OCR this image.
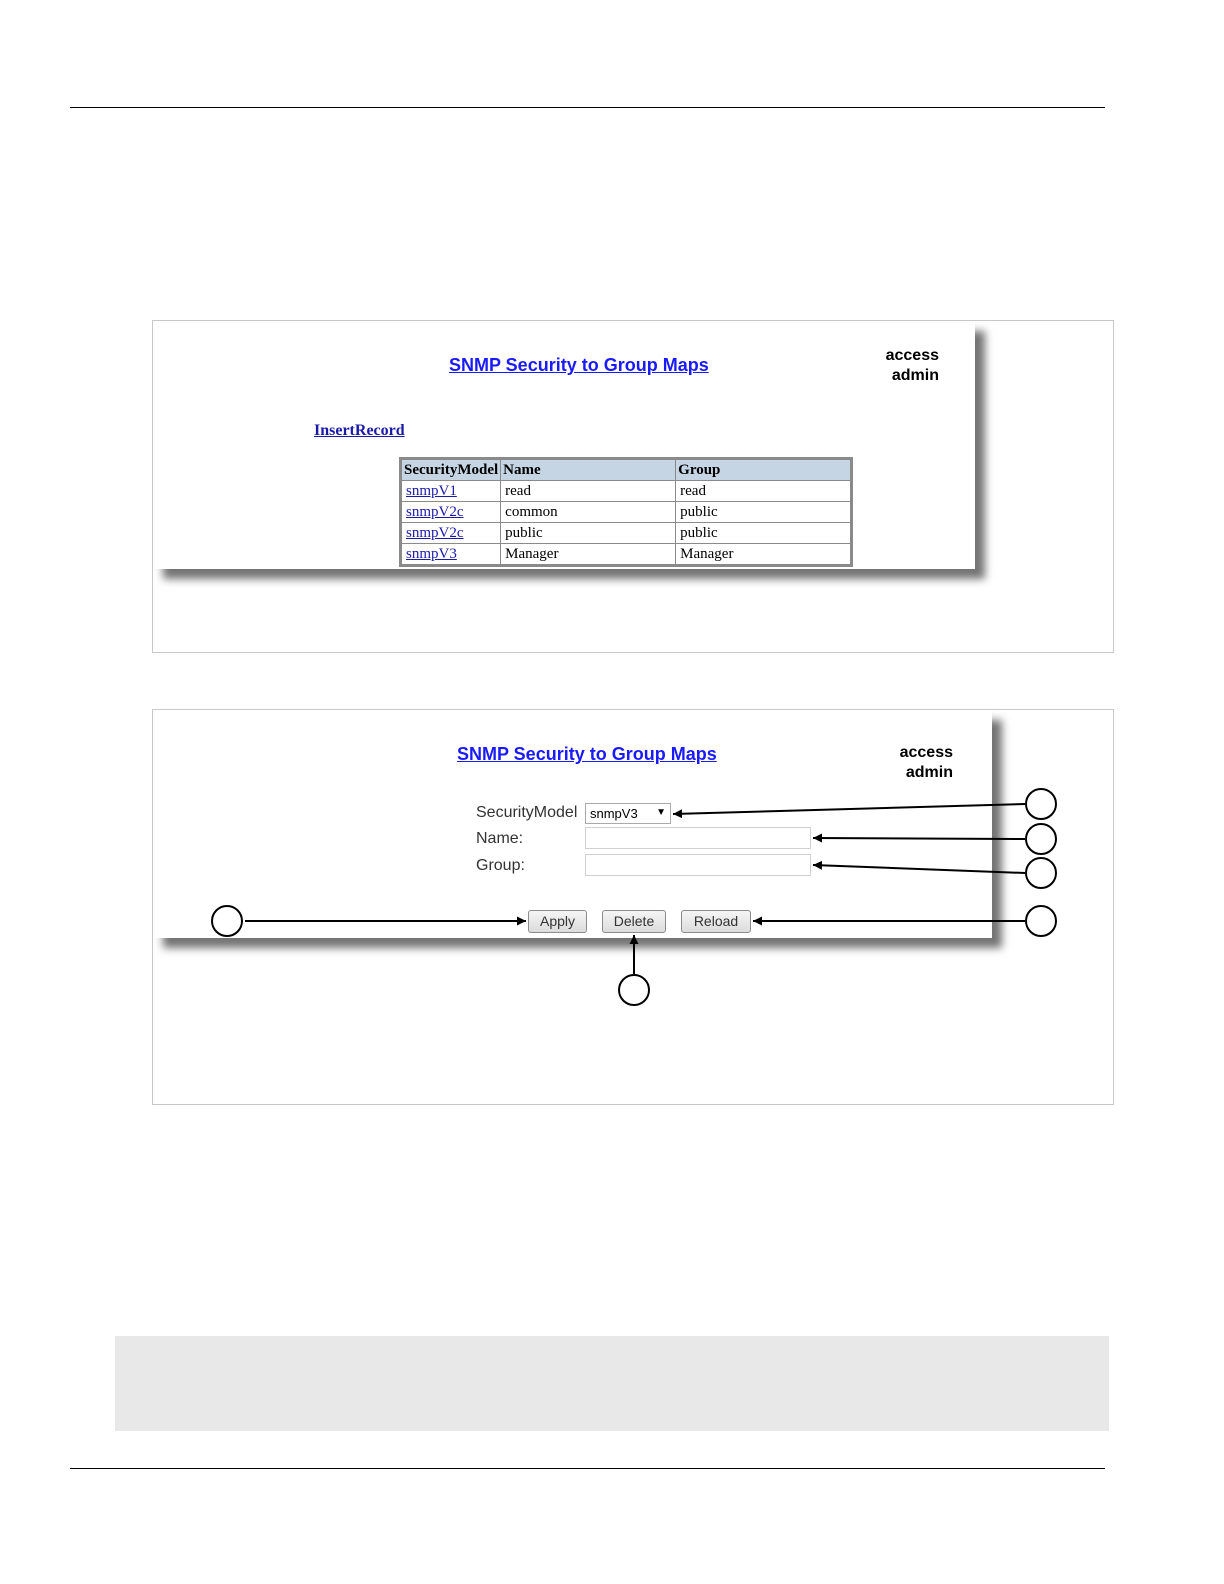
SNMP Security to Group Maps	access
admin
InsertRecord
SecurityModel	Name	Group
snmpV1	read	read
snmpV2c	common	public
snmpV2c	public	public
snmpV3	Manager	Manager
SNMP Security to Group Maps	access
admin
SecurityModel snmpV3 ▼
Name:
Group:
Apply	Delete	Reload
